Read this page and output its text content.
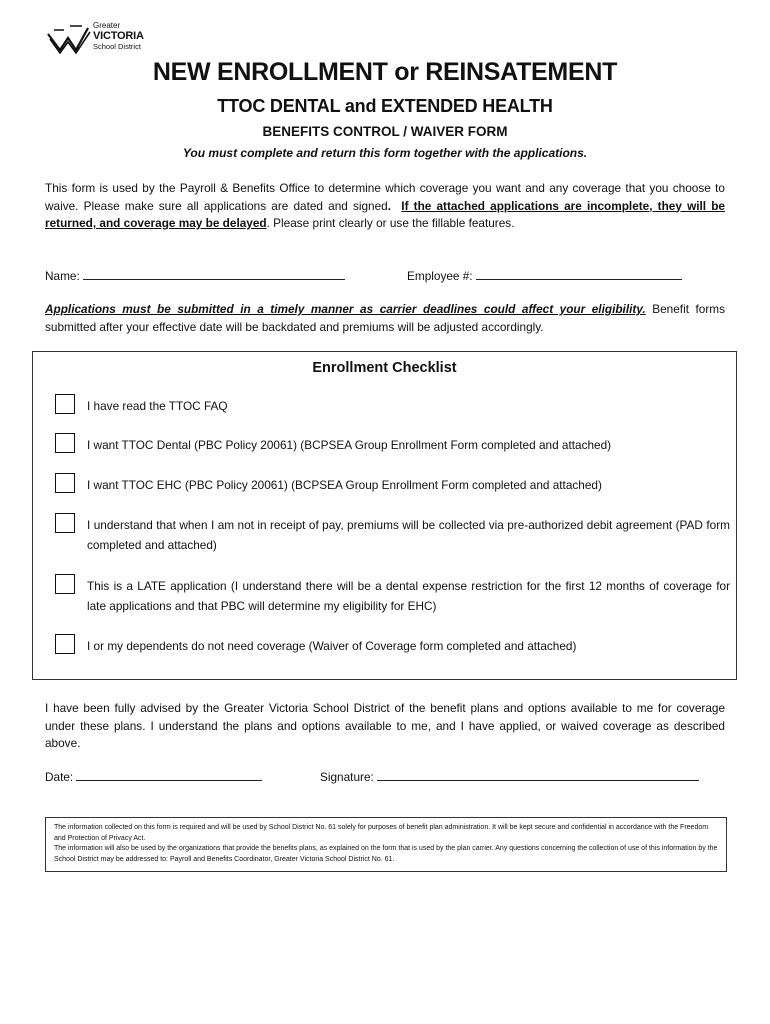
Greater
VICTORIA
School District
NEW ENROLLMENT or REINSATEMENT
TTOC DENTAL and EXTENDED HEALTH
BENEFITS CONTROL / WAIVER FORM
You must complete and return this form together with the applications.
This form is used by the Payroll & Benefits Office to determine which coverage you want and any coverage that you choose to waive. Please make sure all applications are dated and signed. If the attached applications are incomplete, they will be returned, and coverage may be delayed. Please print clearly or use the fillable features.
Name:	Employee #:
Applications must be submitted in a timely manner as carrier deadlines could affect your eligibility. Benefit forms submitted after your effective date will be backdated and premiums will be adjusted accordingly.
Enrollment Checklist
I have read the TTOC FAQ
I want TTOC Dental (PBC Policy 20061) (BCPSEA Group Enrollment Form completed and attached)
I want TTOC EHC (PBC Policy 20061) (BCPSEA Group Enrollment Form completed and attached)
I understand that when I am not in receipt of pay, premiums will be collected via pre-authorized debit agreement (PAD form completed and attached)
This is a LATE application (I understand there will be a dental expense restriction for the first 12 months of coverage for late applications and that PBC will determine my eligibility for EHC)
I or my dependents do not need coverage (Waiver of Coverage form completed and attached)
I have been fully advised by the Greater Victoria School District of the benefit plans and options available to me for coverage under these plans. I understand the plans and options available to me, and I have applied, or waived coverage as described above.
Date:	Signature:

The information collected on this form is required and will be used by School District No. 61 solely for purposes of benefit plan administration. It will be kept secure and confidential in accordance with the Freedom and Protection of Privacy Act.

The information will also be used by the organizations that provide the benefits plans, as explained on the form that is used by the plan carrier. Any questions concerning the collection of use of this information by the School District may be addressed to: Payroll and Benefits Coordinator, Greater Victoria School District No. 61.
